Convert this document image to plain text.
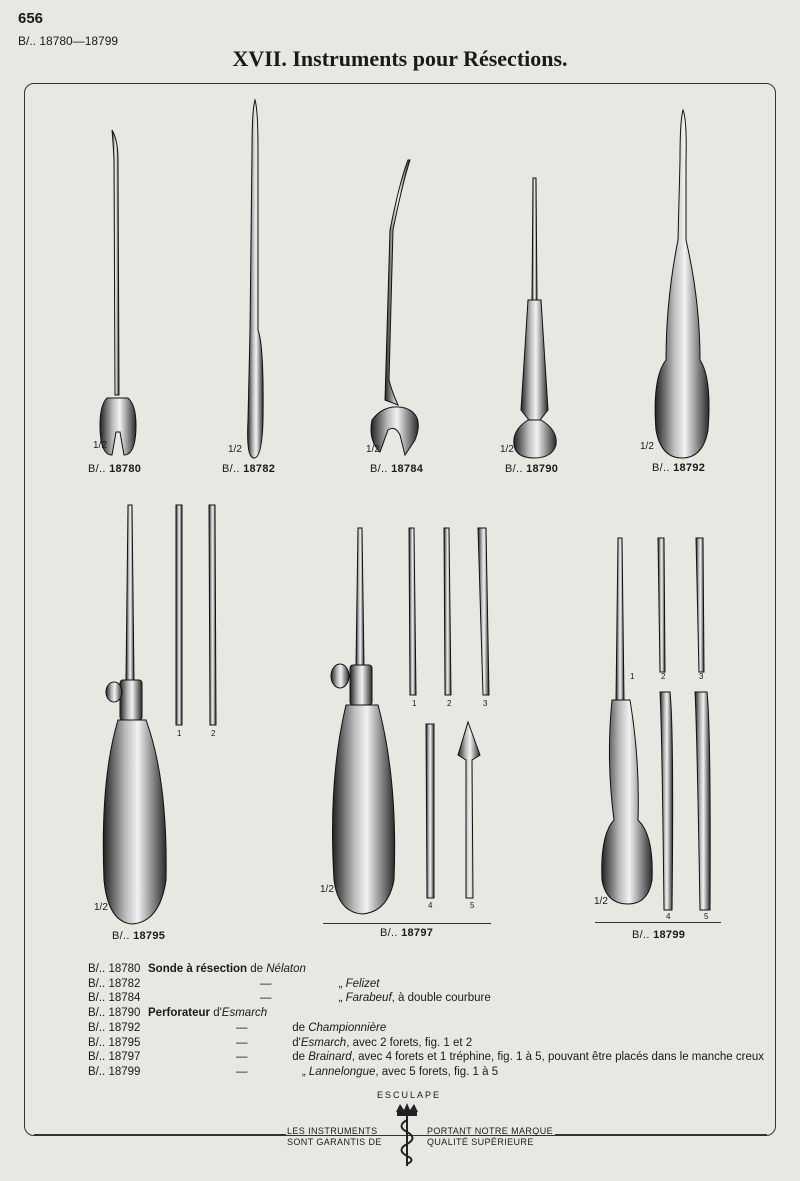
656
B/.. 18780—18799
XVII. Instruments pour Résections.
1/2
B/.. 18780
1/2
B/.. 18782
1/2
B/.. 18784
1/2
B/.. 18790
1/2
B/.. 18792
1	2
1/2
B/.. 18795
1	2	3
4	5
1/2
B/.. 18797
1	2	3
4	5
1/2
B/.. 18799
B/.. 18780 Sonde à résection de Nélaton
B/.. 18782	—                     „ Felizet
B/.. 18784	—                     „ Farabeuf , à double courbure
B/.. 18790 Perforateur d' Esmarch
B/.. 18792	—              de Championnière
B/.. 18795	—              d' Esmarch , avec 2 forets, fig. 1 et 2
B/.. 18797	—              de Brainard , avec 4 forets et 1 tréphine, fig. 1 à 5, pouvant être placés dans le manche creux
B/.. 18799	—                 „ Lannelongue , avec 5 forets, fig. 1 à 5
ESCULAPE
LES INSTRUMENTS
SONT GARANTIS DE
PORTANT NOTRE MARQUE
QUALITÉ SUPÉRIEURE
